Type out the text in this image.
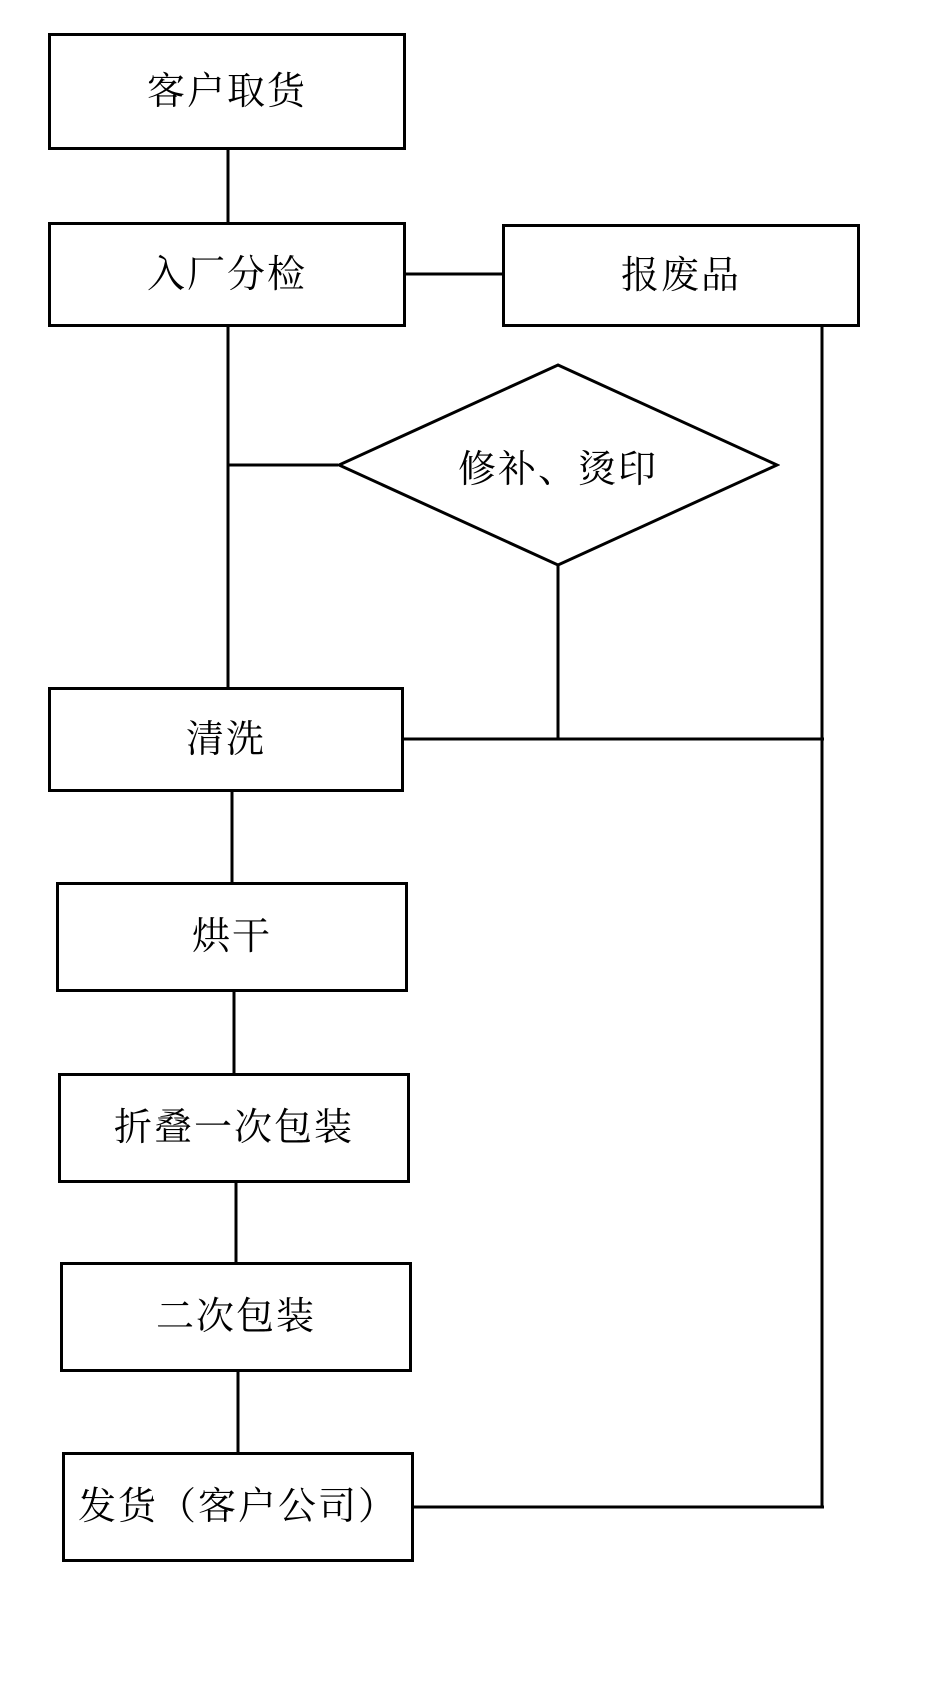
客户取货
入厂分检	报废品
修补、烫印
清洗
烘干
折叠一次包装
二次包装
发货（客户公司）
